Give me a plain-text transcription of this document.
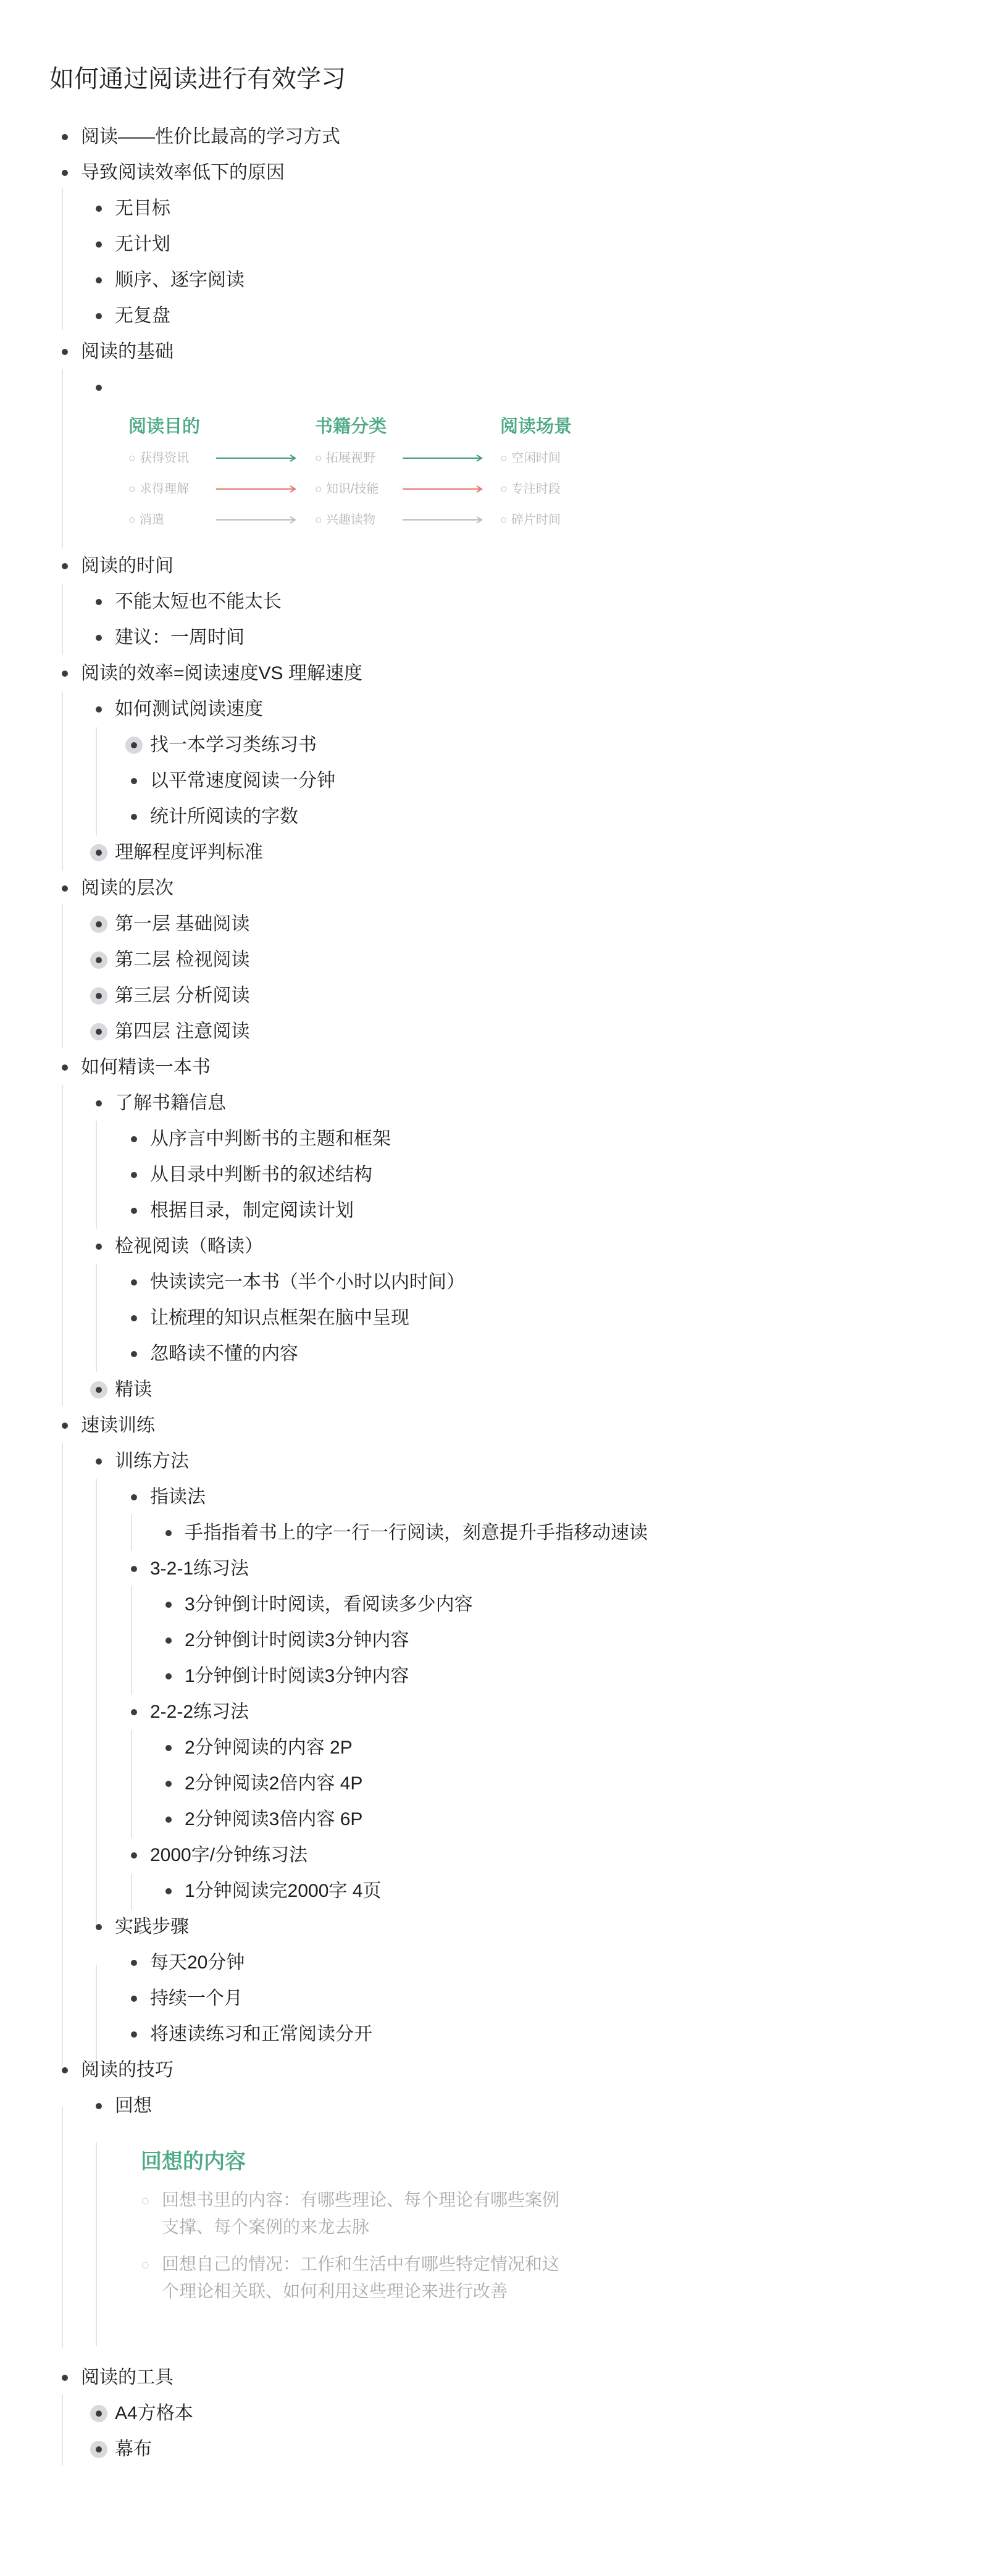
如何通过阅读进行有效学习
阅读——性价比最高的学习方式
导致阅读效率低下的原因
无目标
无计划
顺序、逐字阅读
无复盘
阅读的基础
阅读目的	书籍分类	阅读场景
○ 获得资讯
○ 求得理解
○ 消遣
○ 拓展视野
○ 知识/技能
○ 兴趣读物
○ 空闲时间
○ 专注时段
○ 碎片时间
阅读的时间
不能太短也不能太长
建议：一周时间
阅读的效率=阅读速度VS 理解速度
如何测试阅读速度
找一本学习类练习书
以平常速度阅读一分钟
统计所阅读的字数
理解程度评判标准
阅读的层次
第一层 基础阅读
第二层 检视阅读
第三层 分析阅读
第四层 注意阅读
如何精读一本书
了解书籍信息
从序言中判断书的主题和框架
从目录中判断书的叙述结构
根据目录，制定阅读计划
检视阅读（略读）
快读读完一本书（半个小时以内时间）
让梳理的知识点框架在脑中呈现
忽略读不懂的内容
精读
速读训练
训练方法
指读法
手指指着书上的字一行一行阅读，刻意提升手指移动速读
3-2-1练习法
3分钟倒计时阅读，看阅读多少内容
2分钟倒计时阅读3分钟内容
1分钟倒计时阅读3分钟内容
2-2-2练习法
2分钟阅读的内容 2P
2分钟阅读2倍内容 4P
2分钟阅读3倍内容 6P
2000字/分钟练习法
1分钟阅读完2000字 4页
实践步骤
每天20分钟
持续一个月
将速读练习和正常阅读分开
阅读的技巧
回想
回想的内容
○ 回想书里的内容：有哪些理论、每个理论有哪些案例
支撑、每个案例的来龙去脉
○ 回想自己的情况：工作和生活中有哪些特定情况和这
个理论相关联、如何利用这些理论来进行改善
阅读的工具
A4方格本
幕布
